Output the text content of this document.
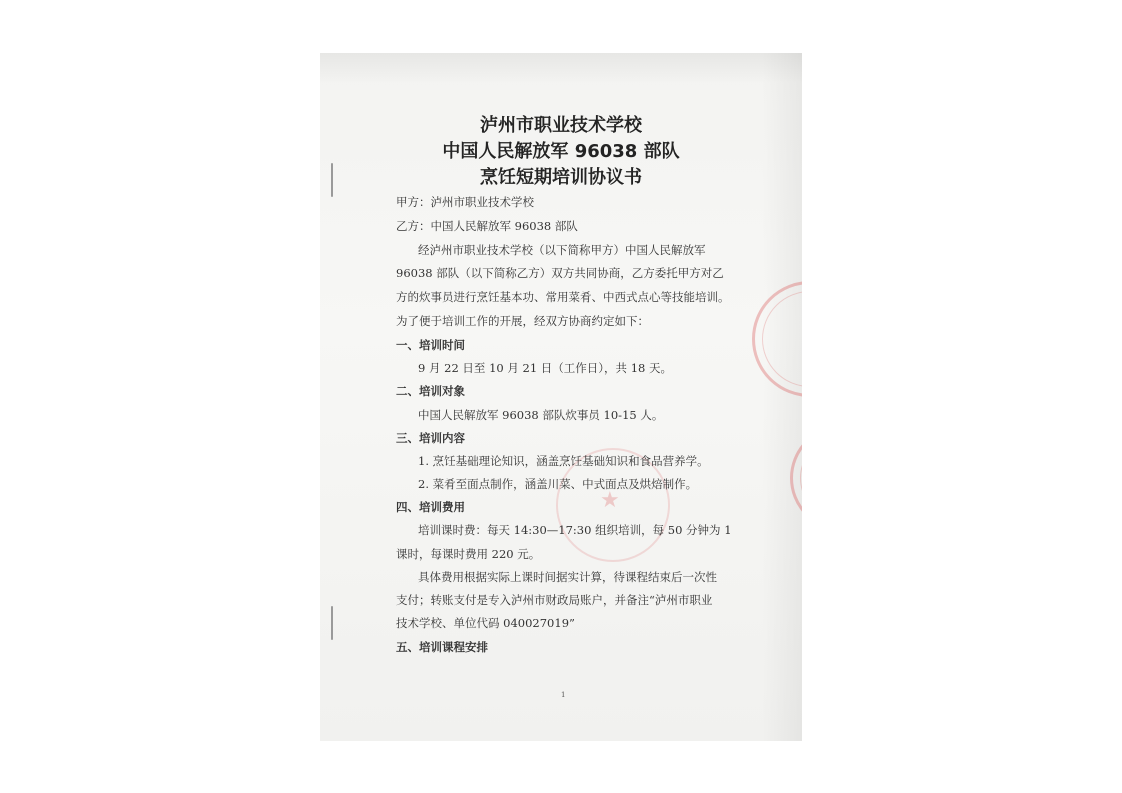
★
泸州市职业技术学校
中国人民解放军 96038 部队
烹饪短期培训协议书
甲方：泸州市职业技术学校
乙方：中国人民解放军 96038 部队
经泸州市职业技术学校（以下简称甲方）中国人民解放军
96038 部队（以下简称乙方）双方共同协商，乙方委托甲方对乙
方的炊事员进行烹饪基本功、常用菜肴、中西式点心等技能培训。
为了便于培训工作的开展，经双方协商约定如下：
一、培训时间
9 月 22 日至 10 月 21 日（工作日），共 18 天。
二、培训对象
中国人民解放军 96038 部队炊事员 10-15 人。
三、培训内容
1. 烹饪基础理论知识，涵盖烹饪基础知识和食品营养学。
2. 菜肴至面点制作，涵盖川菜、中式面点及烘焙制作。
四、培训费用
培训课时费：每天 14:30—17:30 组织培训，每 50 分钟为 1
课时，每课时费用 220 元。
具体费用根据实际上课时间据实计算，待课程结束后一次性
支付；转账支付是专入泸州市财政局账户，并备注“泸州市职业
技术学校、单位代码 040027019”
五、培训课程安排
1
